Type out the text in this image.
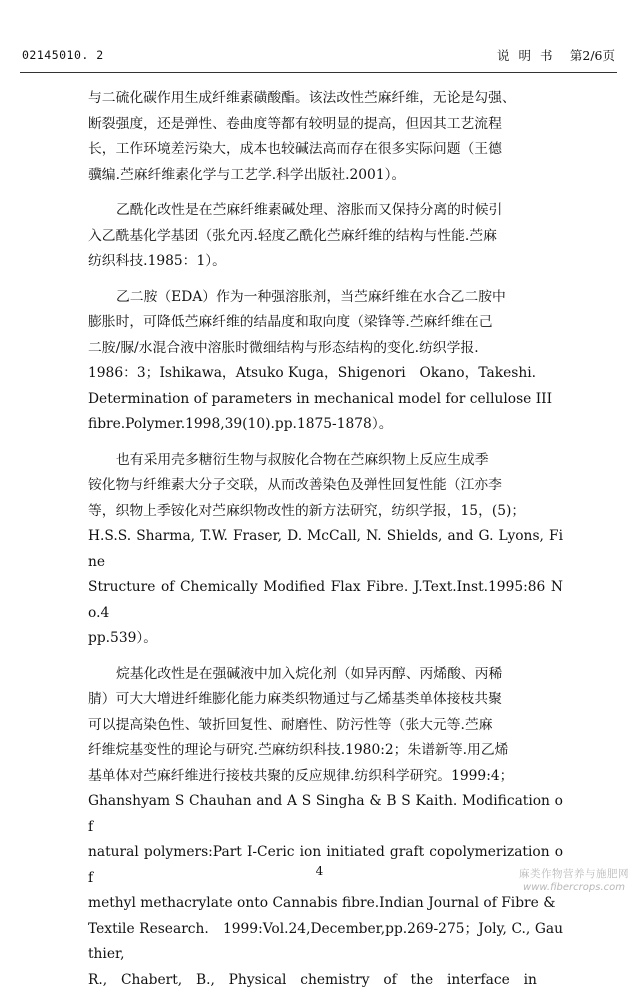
02145010. 2	说明书 第2/6页

与二硫化碳作用生成纤维素磺酸酯。该法改性苎麻纤维，无论是勾强、

断裂强度，还是弹性、卷曲度等都有较明显的提高，但因其工艺流程

长，工作环境差污染大，成本也较碱法高而存在很多实际问题（王德

骥编.苎麻纤维素化学与工艺学.科学出版社.2001）。

乙酰化改性是在苎麻纤维素碱处理、溶胀而又保持分离的时候引

入乙酰基化学基团（张允丙.轻度乙酰化苎麻纤维的结构与性能.苎麻

纺织科技.1985：1）。

乙二胺（EDA）作为一种强溶胀剂，当苎麻纤维在水合乙二胺中

膨胀时，可降低苎麻纤维的结晶度和取向度（梁锋等.苎麻纤维在己

二胺/脲/水混合液中溶胀时微细结构与形态结构的变化.纺织学报.

1986：3；Ishikawa，Atsuko Kuga，Shigenori　Okano，Takeshi.

Determination of parameters in mechanical model for cellulose III

fibre.Polymer.1998,39(10).pp.1875-1878）。

也有采用壳多糖衍生物与叔胺化合物在苎麻织物上反应生成季

铵化物与纤维素大分子交联，从而改善染色及弹性回复性能（江亦李

等，织物上季铵化对苎麻织物改性的新方法研究，纺织学报，15，(5)；

H.S.S. Sharma, T.W. Fraser, D. McCall, N. Shields, and G. Lyons, Fine

Structure of Chemically Modified Flax Fibre. J.Text.Inst.1995:86 No.4

pp.539）。

烷基化改性是在强碱液中加入烷化剂（如异丙醇、丙烯酸、丙稀

腈）可大大增进纤维膨化能力麻类织物通过与乙烯基类单体接枝共聚

可以提高染色性、皱折回复性、耐磨性、防污性等（张大元等.苎麻

纤维烷基变性的理论与研究.苎麻纺织科技.1980:2；朱谱新等.用乙烯

基单体对苎麻纤维进行接枝共聚的反应规律.纺织科学研究。1999:4；

Ghanshyam S Chauhan and A S Singha & B S Kaith. Modification of

natural polymers:Part I-Ceric ion initiated graft copolymerization of

methyl methacrylate onto Cannabis fibre.Indian Journal of Fibre &

Textile Research.　1999:Vol.24,December,pp.269-275；Joly, C., Gauthier,

R.,　Chabert,　B.,　Physical　chemistry　of　the　interface　in

4	麻类作物营养与施肥网
www.fibercrops.com
